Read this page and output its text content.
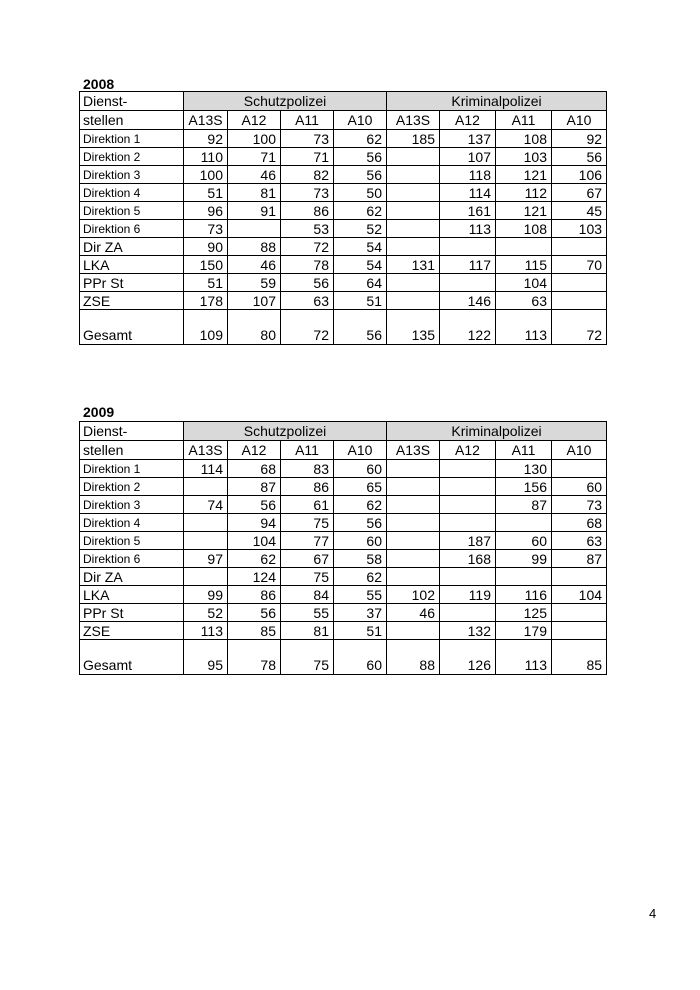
2008
Dienst-	Schutzpolizei				Kriminalpolizei			
stellen	A13S	A12	A11	A10	A13S	A12	A11	A10
Direktion 1	92	100	73	62	185	137	108	92
Direktion 2	110	71	71	56		107	103	56
Direktion 3	100	46	82	56		118	121	106
Direktion 4	51	81	73	50		114	112	67
Direktion 5	96	91	86	62		161	121	45
Direktion 6	73		53	52		113	108	103
Dir ZA	90	88	72	54				
LKA	150	46	78	54	131	117	115	70
PPr St	51	59	56	64			104	
ZSE	178	107	63	51		146	63	
Gesamt	109	80	72	56	135	122	113	72
2009
Dienst-	Schutzpolizei				Kriminalpolizei			
stellen	A13S	A12	A11	A10	A13S	A12	A11	A10
Direktion 1	114	68	83	60			130	
Direktion 2		87	86	65			156	60
Direktion 3	74	56	61	62			87	73
Direktion 4		94	75	56				68
Direktion 5		104	77	60		187	60	63
Direktion 6	97	62	67	58		168	99	87
Dir ZA		124	75	62				
LKA	99	86	84	55	102	119	116	104
PPr St	52	56	55	37	46		125	
ZSE	113	85	81	51		132	179	
Gesamt	95	78	75	60	88	126	113	85
4
